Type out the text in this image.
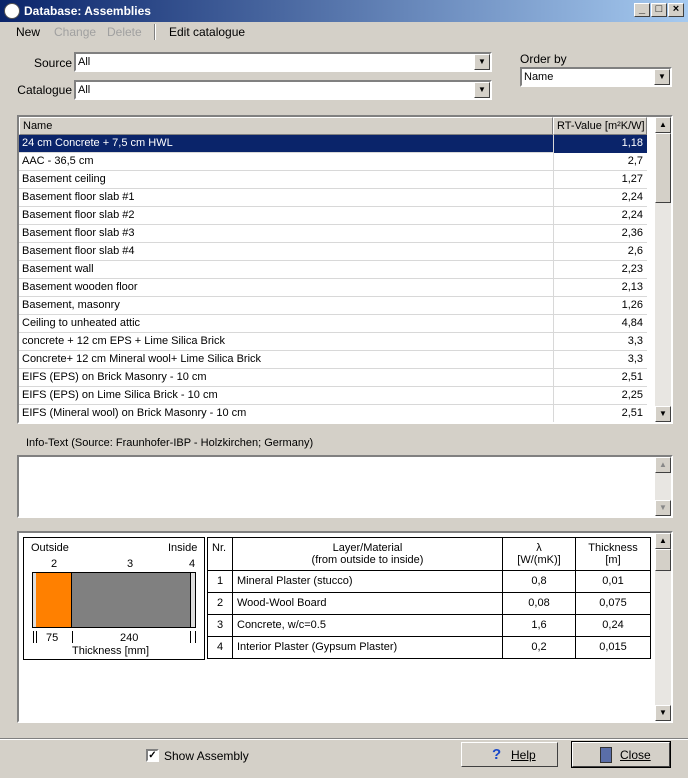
Database: Assemblies	_ □ ×
New Change Delete Edit catalogue
Source All	▼
Catalogue All	▼
Order by
Name	▼
Name	RT-Value [m²K/W]
24 cm Concrete + 7,5 cm HWL	1,18
AAC - 36,5 cm	2,7
Basement ceiling	1,27
Basement floor slab #1	2,24
Basement floor slab #2	2,24
Basement floor slab #3	2,36
Basement floor slab #4	2,6
Basement wall	2,23
Basement wooden floor	2,13
Basement, masonry	1,26
Ceiling to unheated attic	4,84
concrete + 12 cm EPS + Lime Silica Brick	3,3
Concrete+ 12 cm Mineral wool+ Lime Silica Brick	3,3
EIFS (EPS) on Brick Masonry - 10 cm	2,51
EIFS (EPS) on Lime Silica Brick - 10 cm	2,25
EIFS (Mineral wool) on Brick Masonry - 10 cm	2,51
▲
▼
Info-Text (Source: Fraunhofer-IBP - Holzkirchen; Germany)
▲
▼
Outside	Inside
2	3	4
75	240
Thickness [mm]
Nr.	Layer/Material
(from outside to inside)
λ
[W/(mK)]
Thickness
[m]
1	Mineral Plaster (stucco)	0,8	0,01
2	Wood-Wool Board	0,08	0,075
3	Concrete, w/c=0.5	1,6	0,24
4	Interior Plaster (Gypsum Plaster)	0,2	0,015
▲
▼
✓ Show Assembly	? Help	Close
